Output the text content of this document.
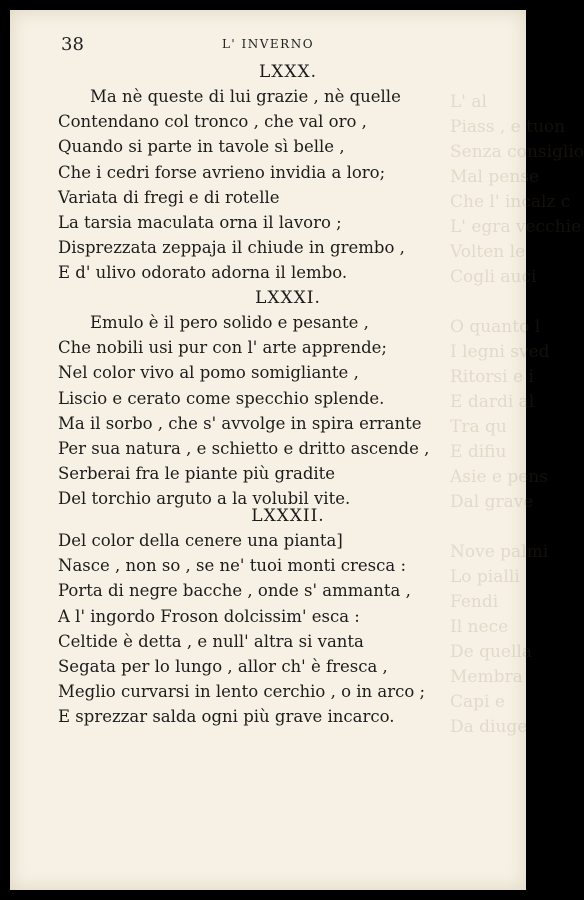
L' al
Piass , e tuon
Senza consiglio
Mal pense
Che l' incalz c
L' egra vecchie
Volten le
Cogli auci
O quanto l
I legni sved
Ritorsi e i
E dardi al
Tra qu
E difiu
Asie e pens
Dal grave
Nove palmi
Lo pialli
Fendi
Il nece
De quella
Membra
Capi e
Da diuge
38	L' INVERNO
LXXX.
Ma nè queste di lui grazie , nè quelle
Contendano col tronco , che val oro ,
Quando si parte in tavole sì belle ,
Che i cedri forse avrieno invidia a loro;
Variata di fregi e di rotelle
La tarsia maculata orna il lavoro ;
Disprezzata zeppaja il chiude in grembo ,
E d' ulivo odorato adorna il lembo.
LXXXI.
Emulo è il pero solido e pesante ,
Che nobili usi pur con l' arte apprende;
Nel color vivo al pomo somigliante ,
Liscio e cerato come specchio splende.
Ma il sorbo , che s' avvolge in spira errante
Per sua natura , e schietto e dritto ascende ,
Serberai fra le piante più gradite
Del torchio arguto a la volubil vite.
LXXXII.
Del color della cenere una pianta]
Nasce , non so , se ne' tuoi monti cresca :
Porta di negre bacche , onde s' ammanta ,
A l' ingordo Froson dolcissim' esca :
Celtide è detta , e null' altra si vanta
Segata per lo lungo , allor ch' è fresca ,
Meglio curvarsi in lento cerchio , o in arco ;
E sprezzar salda ogni più grave incarco.
